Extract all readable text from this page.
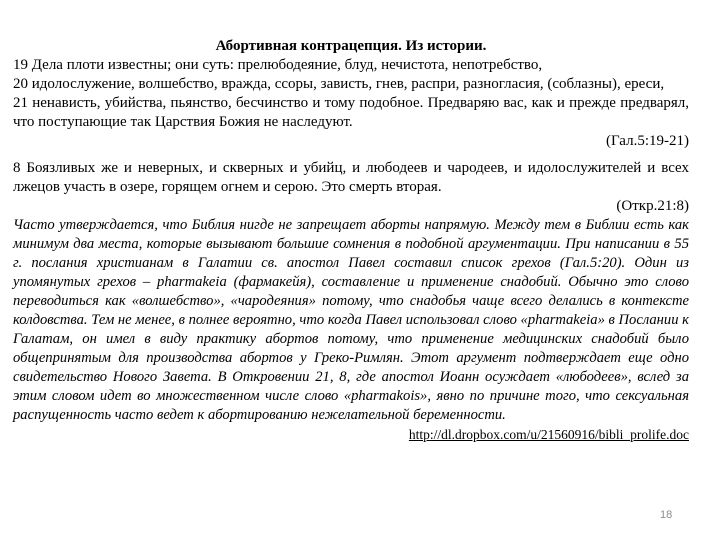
Абортивная контрацепция. Из истории.

19 Дела плоти известны; они суть: прелюбодеяние, блуд, нечистота, непотребство,

20 идолослужение, волшебство, вражда, ссоры, зависть, гнев, распри, разногласия, (соблазны), ереси,

21 ненависть, убийства, пьянство, бесчинство и тому подобное. Предваряю вас, как и прежде предварял, что поступающие так Царствия Божия не наследуют.

(Гал.5:19-21)

8 Боязливых же и неверных, и скверных и убийц, и любодеев и чародеев, и идолослужителей и всех лжецов участь в озере, горящем огнем и серою. Это смерть вторая.

(Откр.21:8)

Часто утверждается, что Библия нигде не запрещает аборты напрямую. Между тем в Библии есть как минимум два места, которые вызывают большие сомнения в подобной аргументации. При написании в 55 г. послания христианам в Галатии св. апостол Павел составил список грехов (Гал.5:20). Один из упомянутых грехов – pharmakeia (фармакейя), составление и применение снадобий. Обычно это слово переводиться как «волшебство», «чародеяния» потому, что снадобья чаще всего делались в контексте колдовства. Тем не менее, в полнее вероятно, что когда Павел использовал слово «pharmakeia» в Послании к Галатам, он имел в виду практику абортов потому, что применение медицинских снадобий было общепринятым для производства абортов у Греко-Римлян. Этот аргумент подтверждает еще одно свидетельство Нового Завета. В Откровении 21, 8, где апостол Иоанн осуждает «любодеев», вслед за этим словом идет во множественном числе слово «pharmakois», явно по причине того, что сексуальная распущенность часто ведет к абортированию нежелательной беременности.

http://dl.dropbox.com/u/21560916/bibli_prolife.doc
18
